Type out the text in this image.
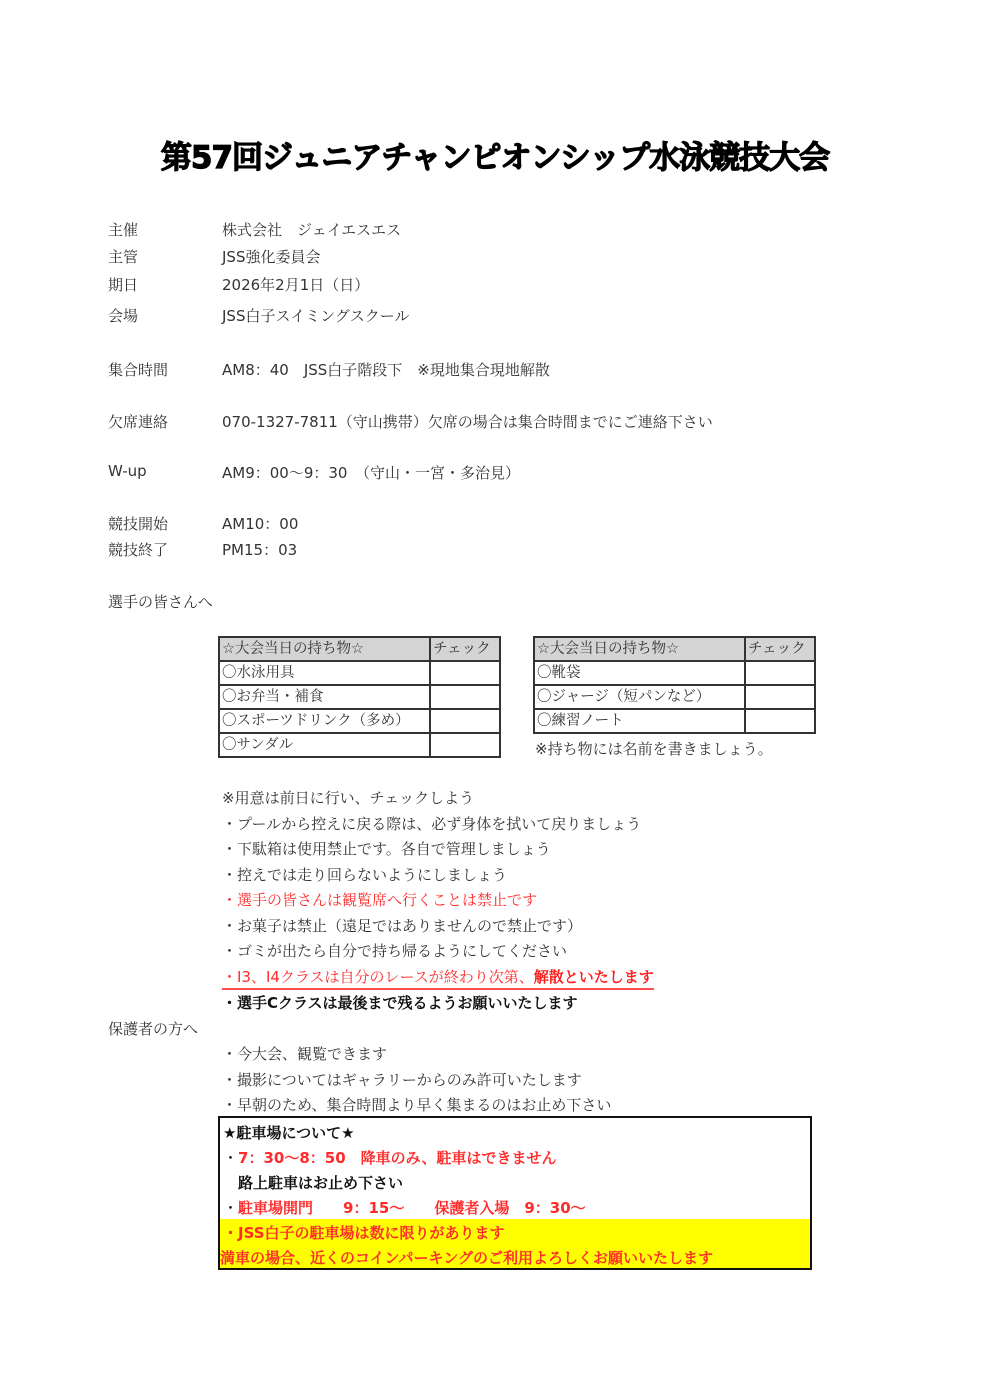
第57回ジュニアチャンピオンシップ水泳競技大会
主催	株式会社　ジェイエスエス
主管	JSS強化委員会
期日	2026年2月1日（日）
会場	JSS白子スイミングスクール
集合時間	AM8：40　JSS白子階段下　※現地集合現地解散
欠席連絡	070-1327-7811（守山携帯）欠席の場合は集合時間までにご連絡下さい
W-up	AM9：00〜9：30　（守山・一宮・多治見）
競技開始	AM10：00
競技終了	PM15：03
選手の皆さんへ
☆大会当日の持ち物☆	チェック
〇水泳用具	
〇お弁当・補食	
〇スポーツドリンク（多め）	
〇サンダル	
☆大会当日の持ち物☆	チェック
〇靴袋	
〇ジャージ（短パンなど）	
〇練習ノート	
※持ち物には名前を書きましょう。
※用意は前日に行い、チェックしよう
・プールから控えに戻る際は、必ず身体を拭いて戻りましょう
・下駄箱は使用禁止です。各自で管理しましょう
・控えでは走り回らないようにしましょう
・選手の皆さんは観覧席へ行くことは禁止です
・お菓子は禁止（遠足ではありませんので禁止です）
・ゴミが出たら自分で持ち帰るようにしてください
・I3、I4クラスは自分のレースが終わり次第、解散といたします
・選手Cクラスは最後まで残るようお願いいたします
保護者の方へ
・今大会、観覧できます
・撮影についてはギャラリーからのみ許可いたします
・早朝のため、集合時間より早く集まるのはお止め下さい
★駐車場について★
・7：30〜8：50　降車のみ、駐車はできません
　路上駐車はお止め下さい
・駐車場開門　　9：15〜　　保護者入場　9：30〜
・JSS白子の駐車場は数に限りがあります
満車の場合、近くのコインパーキングのご利用よろしくお願いいたします
